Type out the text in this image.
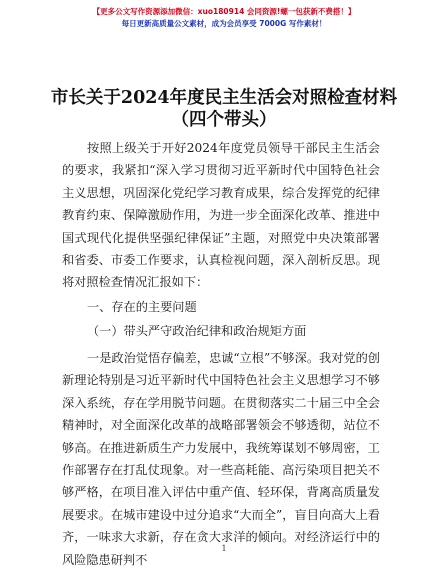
【更多公文写作资源添加微信：xuo180914 会同资源!螺一包获新不费搭！】
每日更新高质量公文素材，成为会员享受 7000G 写作素材！
市长关于2024年度民主生活会对照检查材料
（四个带头）

按照上级关于开好2024年度党员领导干部民主生活会的要求，我紧扣“深入学习贯彻习近平新时代中国特色社会主义思想，巩固深化党纪学习教育成果，综合发挥党的纪律教育约束、保障激励作用，为进一步全面深化改革、推进中国式现代化提供坚强纪律保证”主题，对照党中央决策部署和省委、市委工作要求，认真检视问题，深入剖析反思。现将对照检查情况汇报如下：

一、存在的主要问题
（一）带头严守政治纪律和政治规矩方面

一是政治觉悟存偏差，忠诚“立根”不够深。我对党的创新理论特别是习近平新时代中国特色社会主义思想学习不够深入系统，存在学用脱节问题。在贯彻落实二十届三中全会精神时，对全面深化改革的战略部署领会不够透彻，站位不够高。在推进新质生产力发展中，我统筹谋划不够周密，工作部署存在打乱仗现象。对一些高耗能、高污染项目把关不够严格，在项目准入评估中重产值、轻环保，背离高质量发展要求。在城市建设中过分追求“大而全”，盲目向高大上看齐，一味求大求新，存在贪大求洋的倾向。对经济运行中的风险隐患研判不

1
